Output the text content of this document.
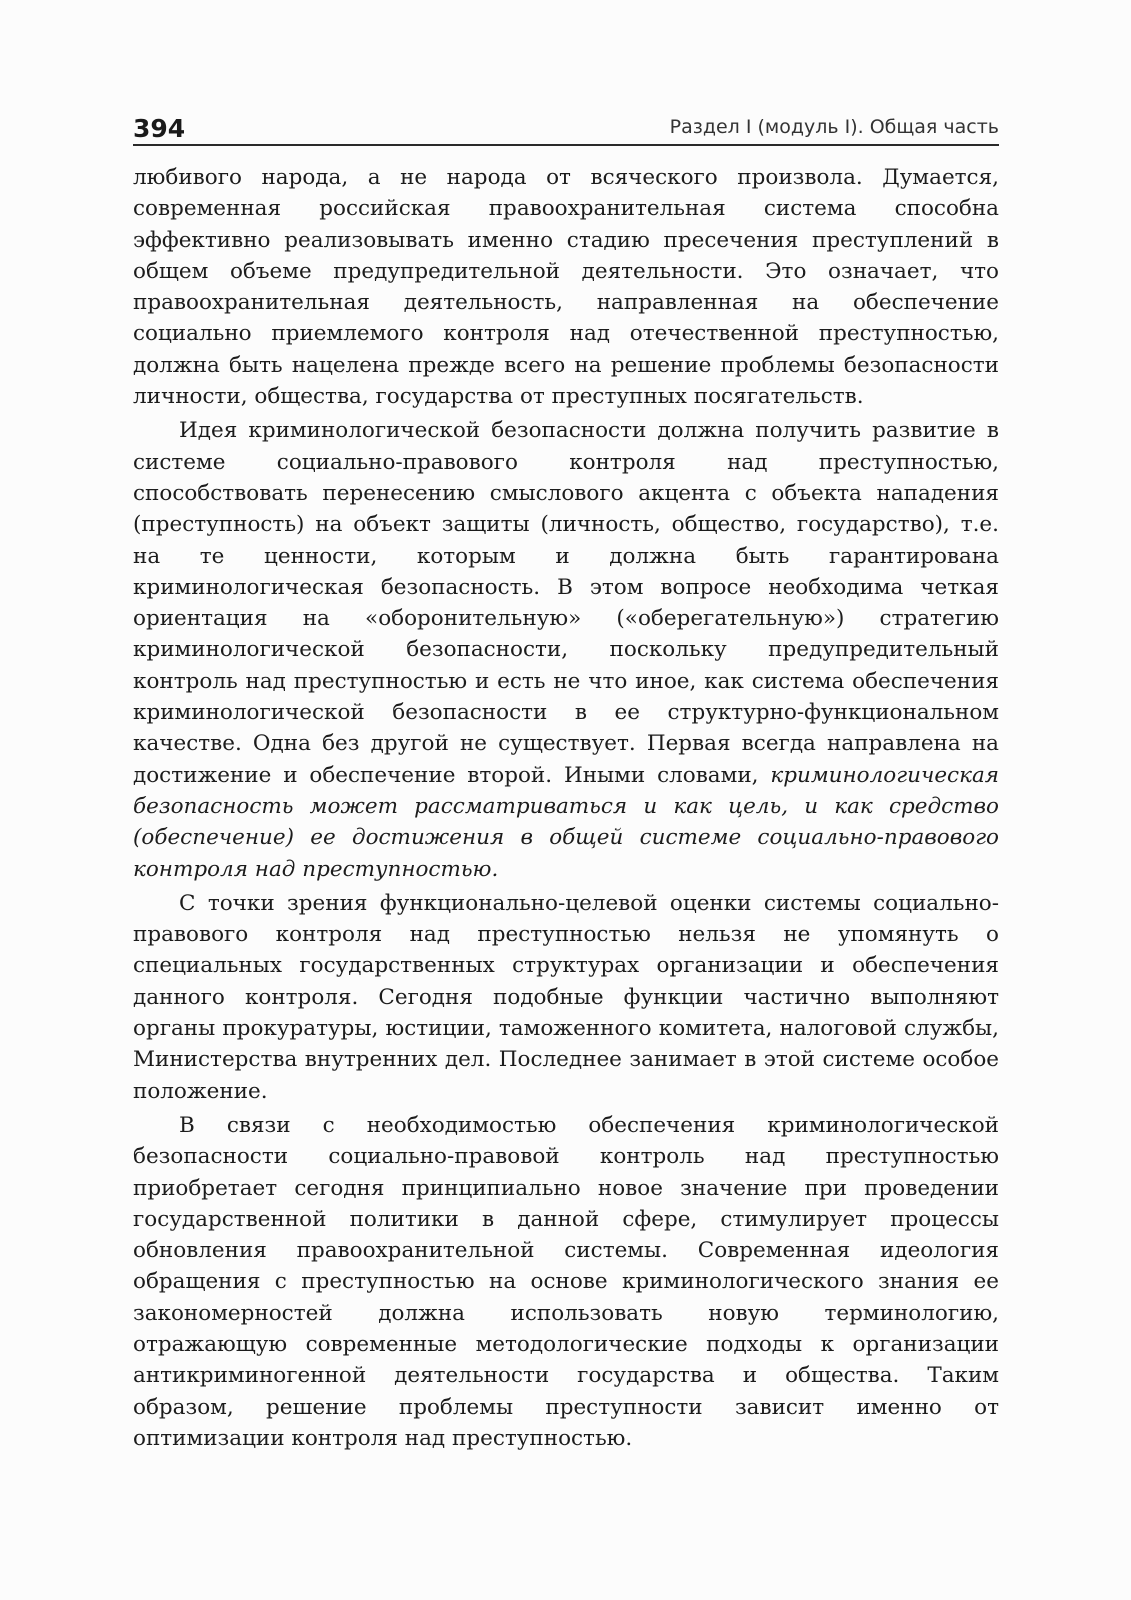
394	Раздел I (модуль I). Общая часть

любивого народа, а не народа от всяческого произвола. Думается, современная российская правоохранительная система способна эффективно реализовывать именно стадию пресечения преступлений в общем объеме предупредительной деятельности. Это означает, что правоохранительная деятельность, направленная на обеспечение социально приемлемого контроля над отечественной преступностью, должна быть нацелена прежде всего на решение проблемы безопасности личности, общества, государства от преступных посягательств.

Идея криминологической безопасности должна получить развитие в системе социально-правового контроля над преступностью, способствовать перенесению смыслового акцента с объекта нападения (преступность) на объект защиты (личность, общество, государство), т.е. на те ценности, которым и должна быть гарантирована криминологическая безопасность. В этом вопросе необходима четкая ориентация на «оборонительную» («оберегательную») стратегию криминологической безопасности, поскольку предупредительный контроль над преступностью и есть не что иное, как система обеспечения криминологической безопасности в ее структурно-функциональном качестве. Одна без другой не существует. Первая всегда направлена на достижение и обеспечение второй. Иными словами, криминологическая безопасность может рассматриваться и как цель, и как средство (обеспечение) ее достижения в общей системе социально-правового контроля над преступностью.

С точки зрения функционально-целевой оценки системы социально-правового контроля над преступностью нельзя не упомянуть о специальных государственных структурах организации и обеспечения данного контроля. Сегодня подобные функции частично выполняют органы прокуратуры, юстиции, таможенного комитета, налоговой службы, Министерства внутренних дел. Последнее занимает в этой системе особое положение.

В связи с необходимостью обеспечения криминологической безопасности социально-правовой контроль над преступностью приобретает сегодня принципиально новое значение при проведении государственной политики в данной сфере, стимулирует процессы обновления правоохранительной системы. Современная идеология обращения с преступностью на основе криминологического знания ее закономерностей должна использовать новую терминологию, отражающую современные методологические подходы к организации антикриминогенной деятельности государства и общества. Таким образом, решение проблемы преступности зависит именно от оптимизации контроля над преступностью.
